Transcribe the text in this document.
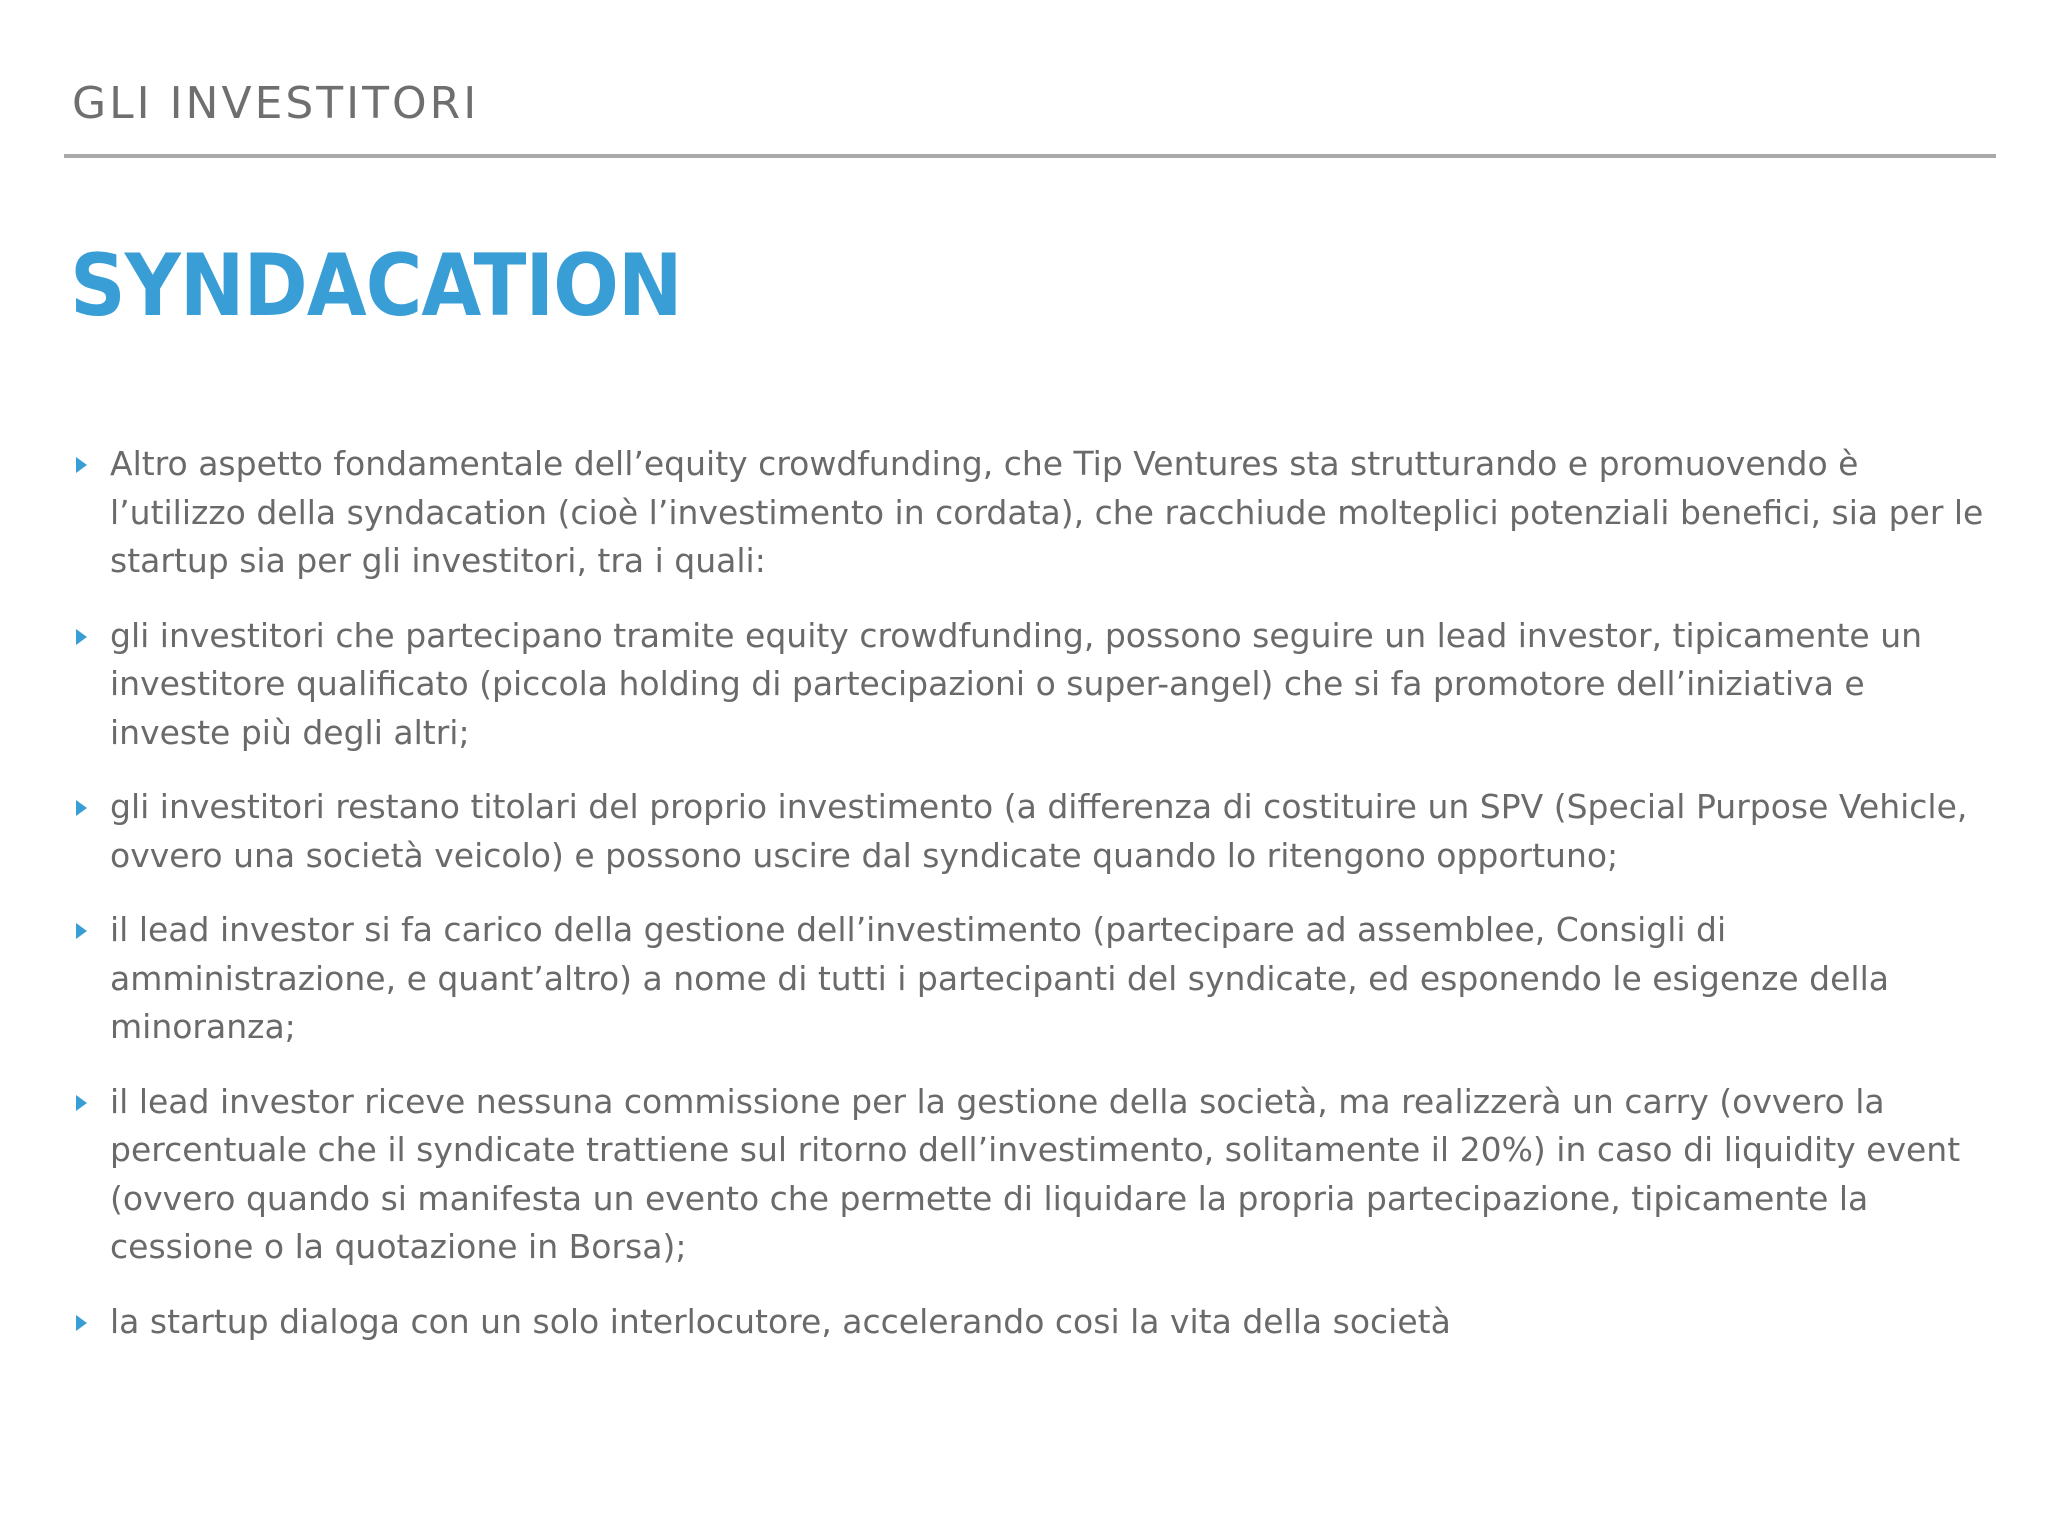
GLI INVESTITORI
SYNDACATION
Altro aspetto fondamentale dell’equity crowdfunding, che Tip Ventures sta strutturando e promuovendo è l’utilizzo della syndacation (cioè l’investimento in cordata), che racchiude molteplici potenziali benefici, sia per le startup sia per gli investitori, tra i quali:
gli investitori che partecipano tramite equity crowdfunding, possono seguire un lead investor, tipicamente un investitore qualificato (piccola holding di partecipazioni o super-angel) che si fa promotore dell’iniziativa e investe più degli altri;
gli investitori restano titolari del proprio investimento (a differenza di costituire un SPV (Special Purpose Vehicle, ovvero una società veicolo) e possono uscire dal syndicate quando lo ritengono opportuno;
il lead investor si fa carico della gestione dell’investimento (partecipare ad assemblee, Consigli di amministrazione, e quant’altro) a nome di tutti i partecipanti del syndicate, ed esponendo le esigenze della minoranza;
il lead investor riceve nessuna commissione per la gestione della società, ma realizzerà un carry (ovvero la percentuale che il syndicate trattiene sul ritorno dell’investimento, solitamente il 20%) in caso di liquidity event (ovvero quando si manifesta un evento che permette di liquidare la propria partecipazione, tipicamente la cessione o la quotazione in Borsa);
la startup dialoga con un solo interlocutore, accelerando cosi la vita della società
